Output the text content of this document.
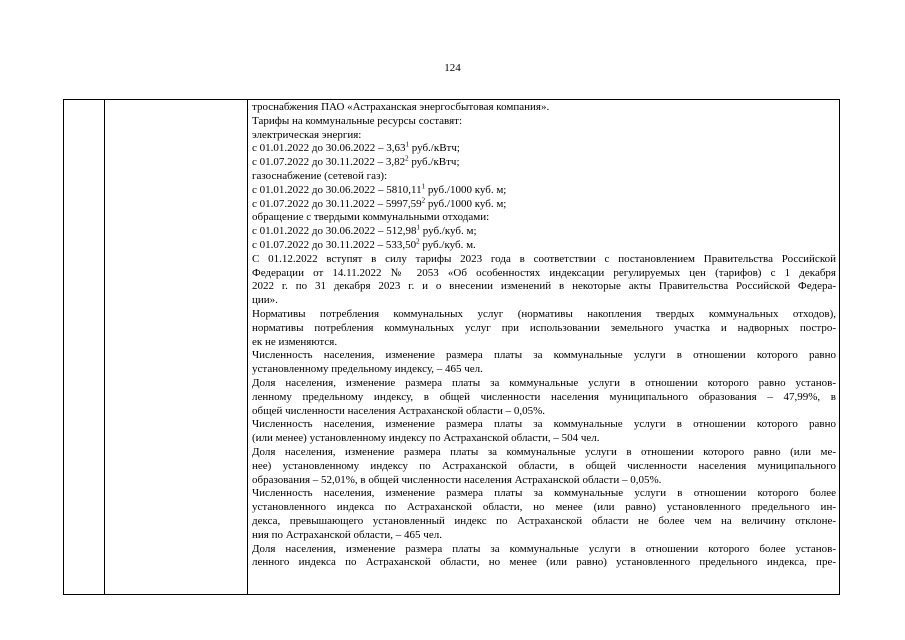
124
троснабжения ПАО «Астраханская энергосбытовая компания».
Тарифы на коммунальные ресурсы составят:
электрическая энергия:
с 01.01.2022 до 30.06.2022 – 3,63$^1$ руб./кВтч;
с 01.07.2022 до 30.11.2022 – 3,82$^2$ руб./кВтч;
газоснабжение (сетевой газ):
с 01.01.2022 до 30.06.2022 – 5810,11$^1$ руб./1000 куб. м;
с 01.07.2022 до 30.11.2022 – 5997,59$^2$ руб./1000 куб. м;
обращение с твердыми коммунальными отходами:
с 01.01.2022 до 30.06.2022 – 512,98$^1$ руб./куб. м;
с 01.07.2022 до 30.11.2022 – 533,50$^2$ руб./куб. м.
С 01.12.2022 вступят в силу тарифы 2023 года в соответствии с постановлением Правительства Российской
Федерации от 14.11.2022 № 2053 «Об особенностях индексации регулируемых цен (тарифов) с 1 декабря
2022 г. по 31 декабря 2023 г. и о внесении изменений в некоторые акты Правительства Российской Федера-
ции».
Нормативы потребления коммунальных услуг (нормативы накопления твердых коммунальных отходов),
нормативы потребления коммунальных услуг при использовании земельного участка и надворных постро-
ек не изменяются.
Численность населения, изменение размера платы за коммунальные услуги в отношении которого равно
установленному предельному индексу, – 465 чел.
Доля населения, изменение размера платы за коммунальные услуги в отношении которого равно установ-
ленному предельному индексу, в общей численности населения муниципального образования – 47,99%, в
общей численности населения Астраханской области – 0,05%.
Численность населения, изменение размера платы за коммунальные услуги в отношении которого равно
(или менее) установленному индексу по Астраханской области, – 504 чел.
Доля населения, изменение размера платы за коммунальные услуги в отношении которого равно (или ме-
нее) установленному индексу по Астраханской области, в общей численности населения муниципального
образования – 52,01%, в общей численности населения Астраханской области – 0,05%.
Численность населения, изменение размера платы за коммунальные услуги в отношении которого более
установленного индекса по Астраханской области, но менее (или равно) установленного предельного ин-
декса, превышающего установленный индекс по Астраханской области не более чем на величину отклоне-
ния по Астраханской области, – 465 чел.
Доля населения, изменение размера платы за коммунальные услуги в отношении которого более установ-
ленного индекса по Астраханской области, но менее (или равно) установленного предельного индекса, пре-
